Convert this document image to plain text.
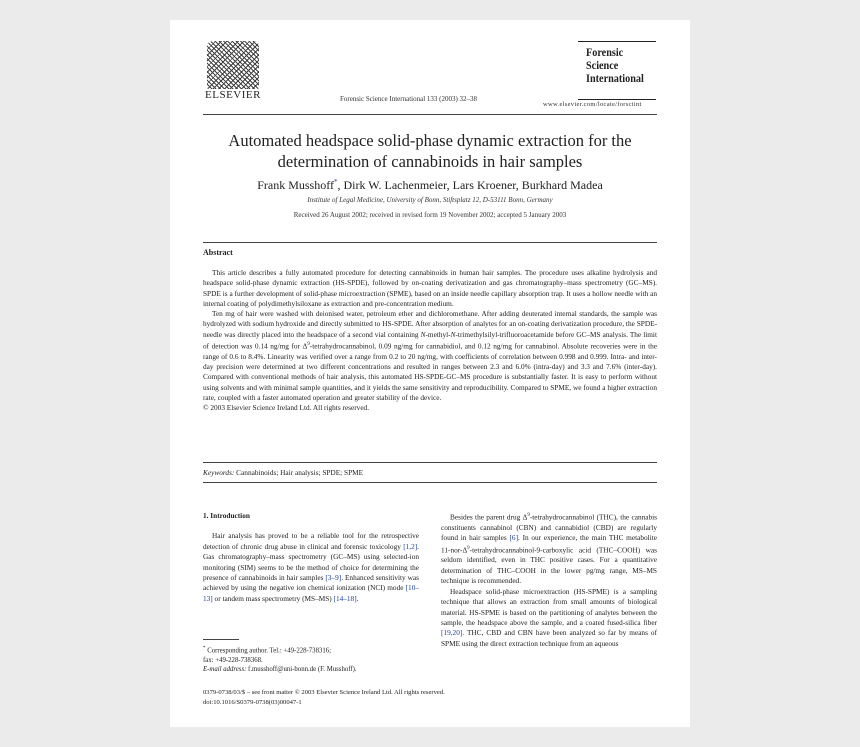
ELSEVIER	Forensic Science International 133 (2003) 32–38
Forensic
Science
International
www.elsevier.com/locate/forsciint
Automated headspace solid-phase dynamic extraction for the
determination of cannabinoids in hair samples
Frank Musshoff*, Dirk W. Lachenmeier, Lars Kroener, Burkhard Madea
Institute of Legal Medicine, University of Bonn, Stiftsplatz 12, D-53111 Bonn, Germany
Received 26 August 2002; received in revised form 19 November 2002; accepted 5 January 2003
Abstract

This article describes a fully automated procedure for detecting cannabinoids in human hair samples. The procedure uses alkaline hydrolysis and headspace solid-phase dynamic extraction (HS-SPDE), followed by on-coating derivatization and gas chromatography–mass spectrometry (GC–MS). SPDE is a further development of solid-phase microextraction (SPME), based on an inside needle capillary absorption trap. It uses a hollow needle with an internal coating of polydimethylsiloxane as extraction and pre-concentration medium.

Ten mg of hair were washed with deionised water, petroleum ether and dichloromethane. After adding deuterated internal standards, the sample was hydrolyzed with sodium hydroxide and directly submitted to HS-SPDE. After absorption of analytes for an on-coating derivatization procedure, the SPDE-needle was directly placed into the headspace of a second vial containing N-methyl-N-trimethylsilyl-trifluoroacetamide before GC–MS analysis. The limit of detection was 0.14 ng/mg for $\Delta^9$-tetrahydrocannabinol, 0.09 ng/mg for cannabidiol, and 0.12 ng/mg for cannabinol. Absolute recoveries were in the range of 0.6 to 8.4%. Linearity was verified over a range from 0.2 to 20 ng/mg, with coefficients of correlation between 0.998 and 0.999. Intra- and inter-day precision were determined at two different concentrations and resulted in ranges between 2.3 and 6.0% (intra-day) and 3.3 and 7.6% (inter-day). Compared with conventional methods of hair analysis, this automated HS-SPDE-GC–MS procedure is substantially faster. It is easy to perform without using solvents and with minimal sample quantities, and it yields the same sensitivity and reproducibility. Compared to SPME, we found a higher extraction rate, coupled with a faster automated operation and greater stability of the device.

© 2003 Elsevier Science Ireland Ltd. All rights reserved.

Keywords: Cannabinoids; Hair analysis; SPDE; SPME

1. Introduction

Hair analysis has proved to be a reliable tool for the retrospective detection of chronic drug abuse in clinical and forensic toxicology [1,2]. Gas chromatography–mass spectrometry (GC–MS) using selected-ion monitoring (SIM) seems to be the method of choice for determining the presence of cannabinoids in hair samples [3–9]. Enhanced sensitivity was achieved by using the negative ion chemical ionization (NCI) mode [10–13] or tandem mass spectrometry (MS–MS) [14–18].

Besides the parent drug $\Delta^9$-tetrahydrocannabinol (THC), the cannabis constituents cannabinol (CBN) and cannabidiol (CBD) are regularly found in hair samples [6]. In our experience, the main THC metabolite $11-nor-\Delta^9-tetrahydrocannabinol-9$-carboxylic acid (THC–COOH) was seldom identified, even in THC positive cases. For a quantitative determination of THC–COOH in the lower pg/mg range, MS–MS technique is recommended.

Headspace solid-phase microextraction (HS-SPME) is a sampling technique that allows an extraction from small amounts of biological material. HS-SPME is based on the partitioning of analytes between the sample, the headspace above the sample, and a coated fused-silica fiber [19,20]. THC, CBD and CBN have been analyzed so far by means of SPME using the direct extraction technique from an aqueous

* Corresponding author. Tel.: +49-228-738316;
fax: +49-228-738368.
E-mail address: f.musshoff@uni-bonn.de (F. Musshoff).
0379-0738/03/$ – see front matter © 2003 Elsevier Science Ireland Ltd. All rights reserved.
doi:10.1016/S0379-0738(03)00047-1
